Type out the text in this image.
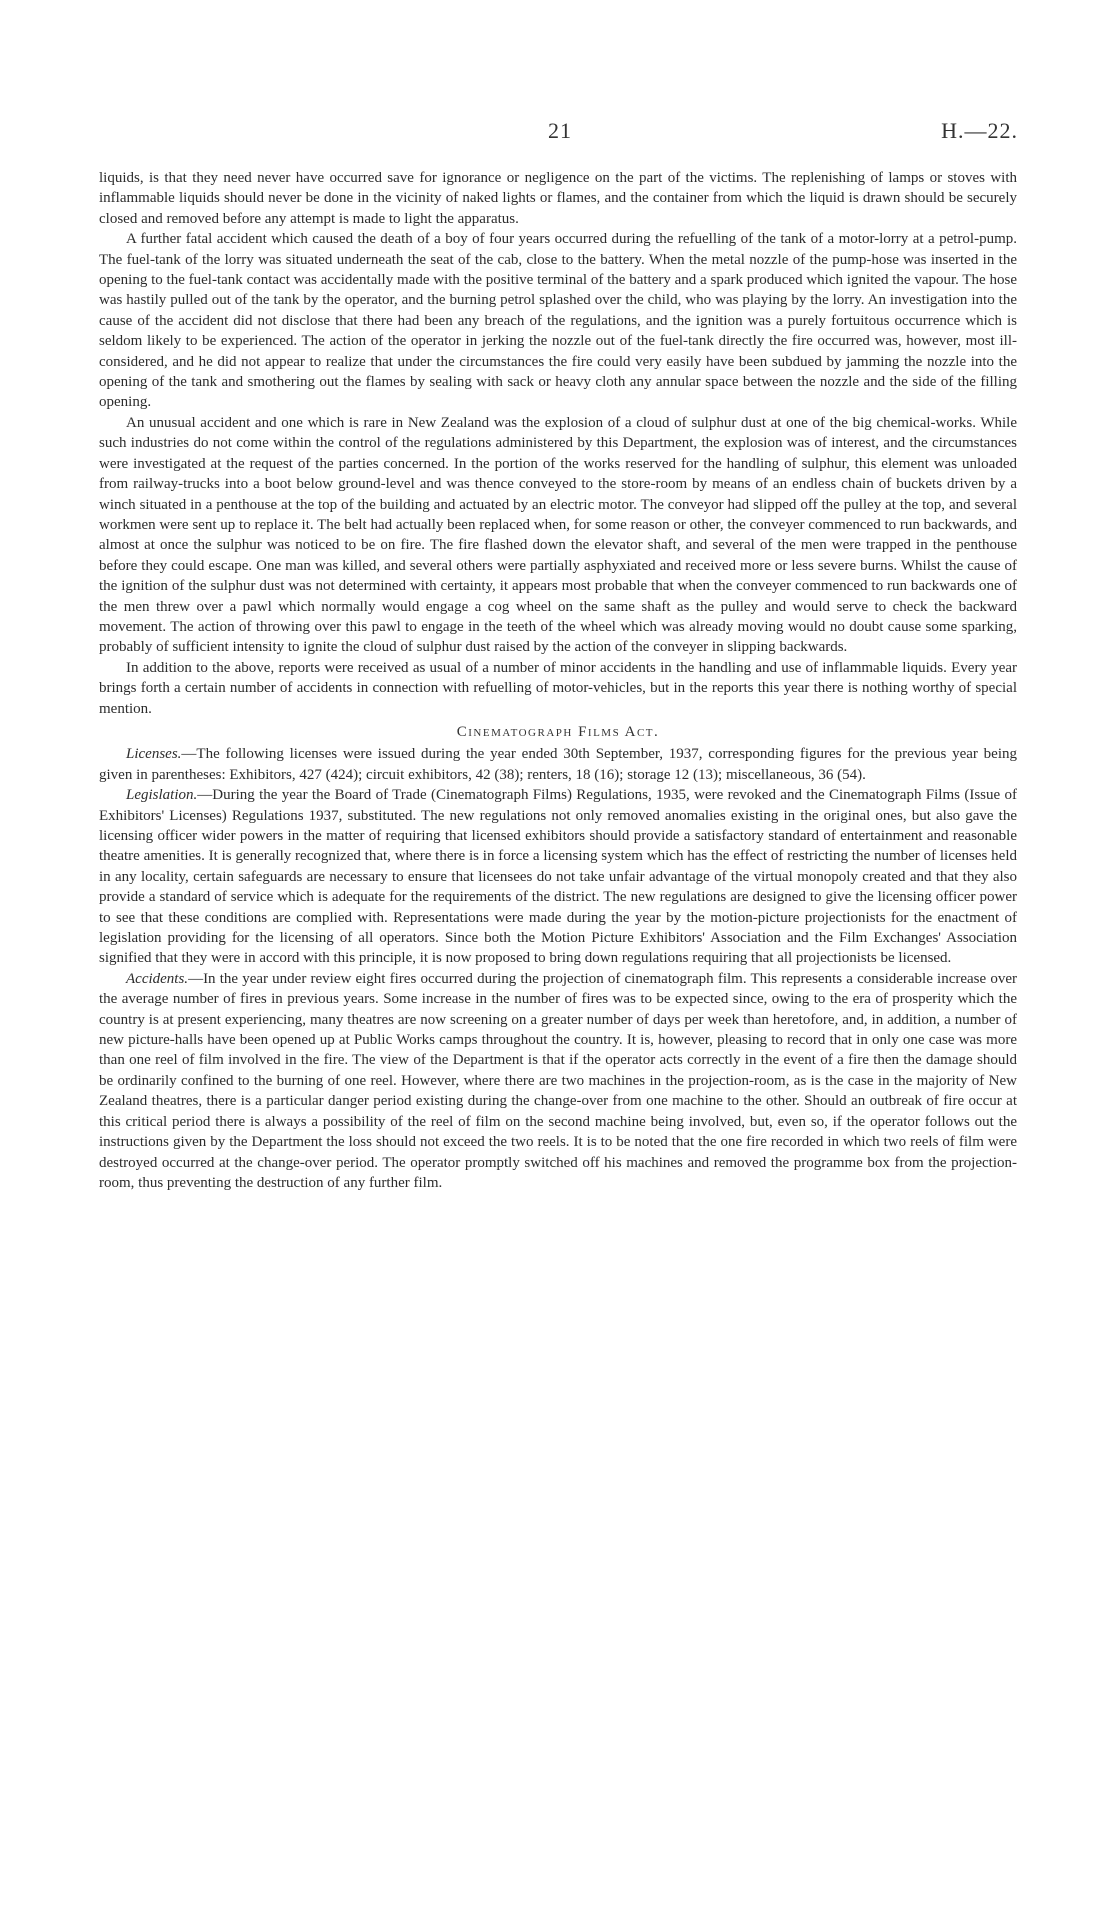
21	H.—22.

liquids, is that they need never have occurred save for ignorance or negligence on the part of the victims. The replenishing of lamps or stoves with inflammable liquids should never be done in the vicinity of naked lights or flames, and the container from which the liquid is drawn should be securely closed and removed before any attempt is made to light the apparatus.

A further fatal accident which caused the death of a boy of four years occurred during the refuelling of the tank of a motor-lorry at a petrol-pump. The fuel-tank of the lorry was situated underneath the seat of the cab, close to the battery. When the metal nozzle of the pump-hose was inserted in the opening to the fuel-tank contact was accidentally made with the positive terminal of the battery and a spark produced which ignited the vapour. The hose was hastily pulled out of the tank by the operator, and the burning petrol splashed over the child, who was playing by the lorry. An investigation into the cause of the accident did not disclose that there had been any breach of the regulations, and the ignition was a purely fortuitous occurrence which is seldom likely to be experienced. The action of the operator in jerking the nozzle out of the fuel-tank directly the fire occurred was, however, most ill-considered, and he did not appear to realize that under the circumstances the fire could very easily have been subdued by jamming the nozzle into the opening of the tank and smothering out the flames by sealing with sack or heavy cloth any annular space between the nozzle and the side of the filling opening.

An unusual accident and one which is rare in New Zealand was the explosion of a cloud of sulphur dust at one of the big chemical-works. While such industries do not come within the control of the regulations administered by this Department, the explosion was of interest, and the circumstances were investigated at the request of the parties concerned. In the portion of the works reserved for the handling of sulphur, this element was unloaded from railway-trucks into a boot below ground-level and was thence conveyed to the store-room by means of an endless chain of buckets driven by a winch situated in a penthouse at the top of the building and actuated by an electric motor. The conveyor had slipped off the pulley at the top, and several workmen were sent up to replace it. The belt had actually been replaced when, for some reason or other, the conveyer commenced to run backwards, and almost at once the sulphur was noticed to be on fire. The fire flashed down the elevator shaft, and several of the men were trapped in the penthouse before they could escape. One man was killed, and several others were partially asphyxiated and received more or less severe burns. Whilst the cause of the ignition of the sulphur dust was not determined with certainty, it appears most probable that when the conveyer commenced to run backwards one of the men threw over a pawl which normally would engage a cog wheel on the same shaft as the pulley and would serve to check the backward movement. The action of throwing over this pawl to engage in the teeth of the wheel which was already moving would no doubt cause some sparking, probably of sufficient intensity to ignite the cloud of sulphur dust raised by the action of the conveyer in slipping backwards.

In addition to the above, reports were received as usual of a number of minor accidents in the handling and use of inflammable liquids. Every year brings forth a certain number of accidents in connection with refuelling of motor-vehicles, but in the reports this year there is nothing worthy of special mention.

Cinematograph Films Act.

Licenses.—The following licenses were issued during the year ended 30th September, 1937, corresponding figures for the previous year being given in parentheses: Exhibitors, 427 (424); circuit exhibitors, 42 (38); renters, 18 (16); storage 12 (13); miscellaneous, 36 (54).

Legislation.—During the year the Board of Trade (Cinematograph Films) Regulations, 1935, were revoked and the Cinematograph Films (Issue of Exhibitors' Licenses) Regulations 1937, substituted. The new regulations not only removed anomalies existing in the original ones, but also gave the licensing officer wider powers in the matter of requiring that licensed exhibitors should provide a satisfactory standard of entertainment and reasonable theatre amenities. It is generally recognized that, where there is in force a licensing system which has the effect of restricting the number of licenses held in any locality, certain safeguards are necessary to ensure that licensees do not take unfair advantage of the virtual monopoly created and that they also provide a standard of service which is adequate for the requirements of the district. The new regulations are designed to give the licensing officer power to see that these conditions are complied with. Representations were made during the year by the motion-picture projectionists for the enactment of legislation providing for the licensing of all operators. Since both the Motion Picture Exhibitors' Association and the Film Exchanges' Association signified that they were in accord with this principle, it is now proposed to bring down regulations requiring that all projectionists be licensed.

Accidents.—In the year under review eight fires occurred during the projection of cinematograph film. This represents a considerable increase over the average number of fires in previous years. Some increase in the number of fires was to be expected since, owing to the era of prosperity which the country is at present experiencing, many theatres are now screening on a greater number of days per week than heretofore, and, in addition, a number of new picture-halls have been opened up at Public Works camps throughout the country. It is, however, pleasing to record that in only one case was more than one reel of film involved in the fire. The view of the Department is that if the operator acts correctly in the event of a fire then the damage should be ordinarily confined to the burning of one reel. However, where there are two machines in the projection-room, as is the case in the majority of New Zealand theatres, there is a particular danger period existing during the change-over from one machine to the other. Should an outbreak of fire occur at this critical period there is always a possibility of the reel of film on the second machine being involved, but, even so, if the operator follows out the instructions given by the Department the loss should not exceed the two reels. It is to be noted that the one fire recorded in which two reels of film were destroyed occurred at the change-over period. The operator promptly switched off his machines and removed the programme box from the projection-room, thus preventing the destruction of any further film.
